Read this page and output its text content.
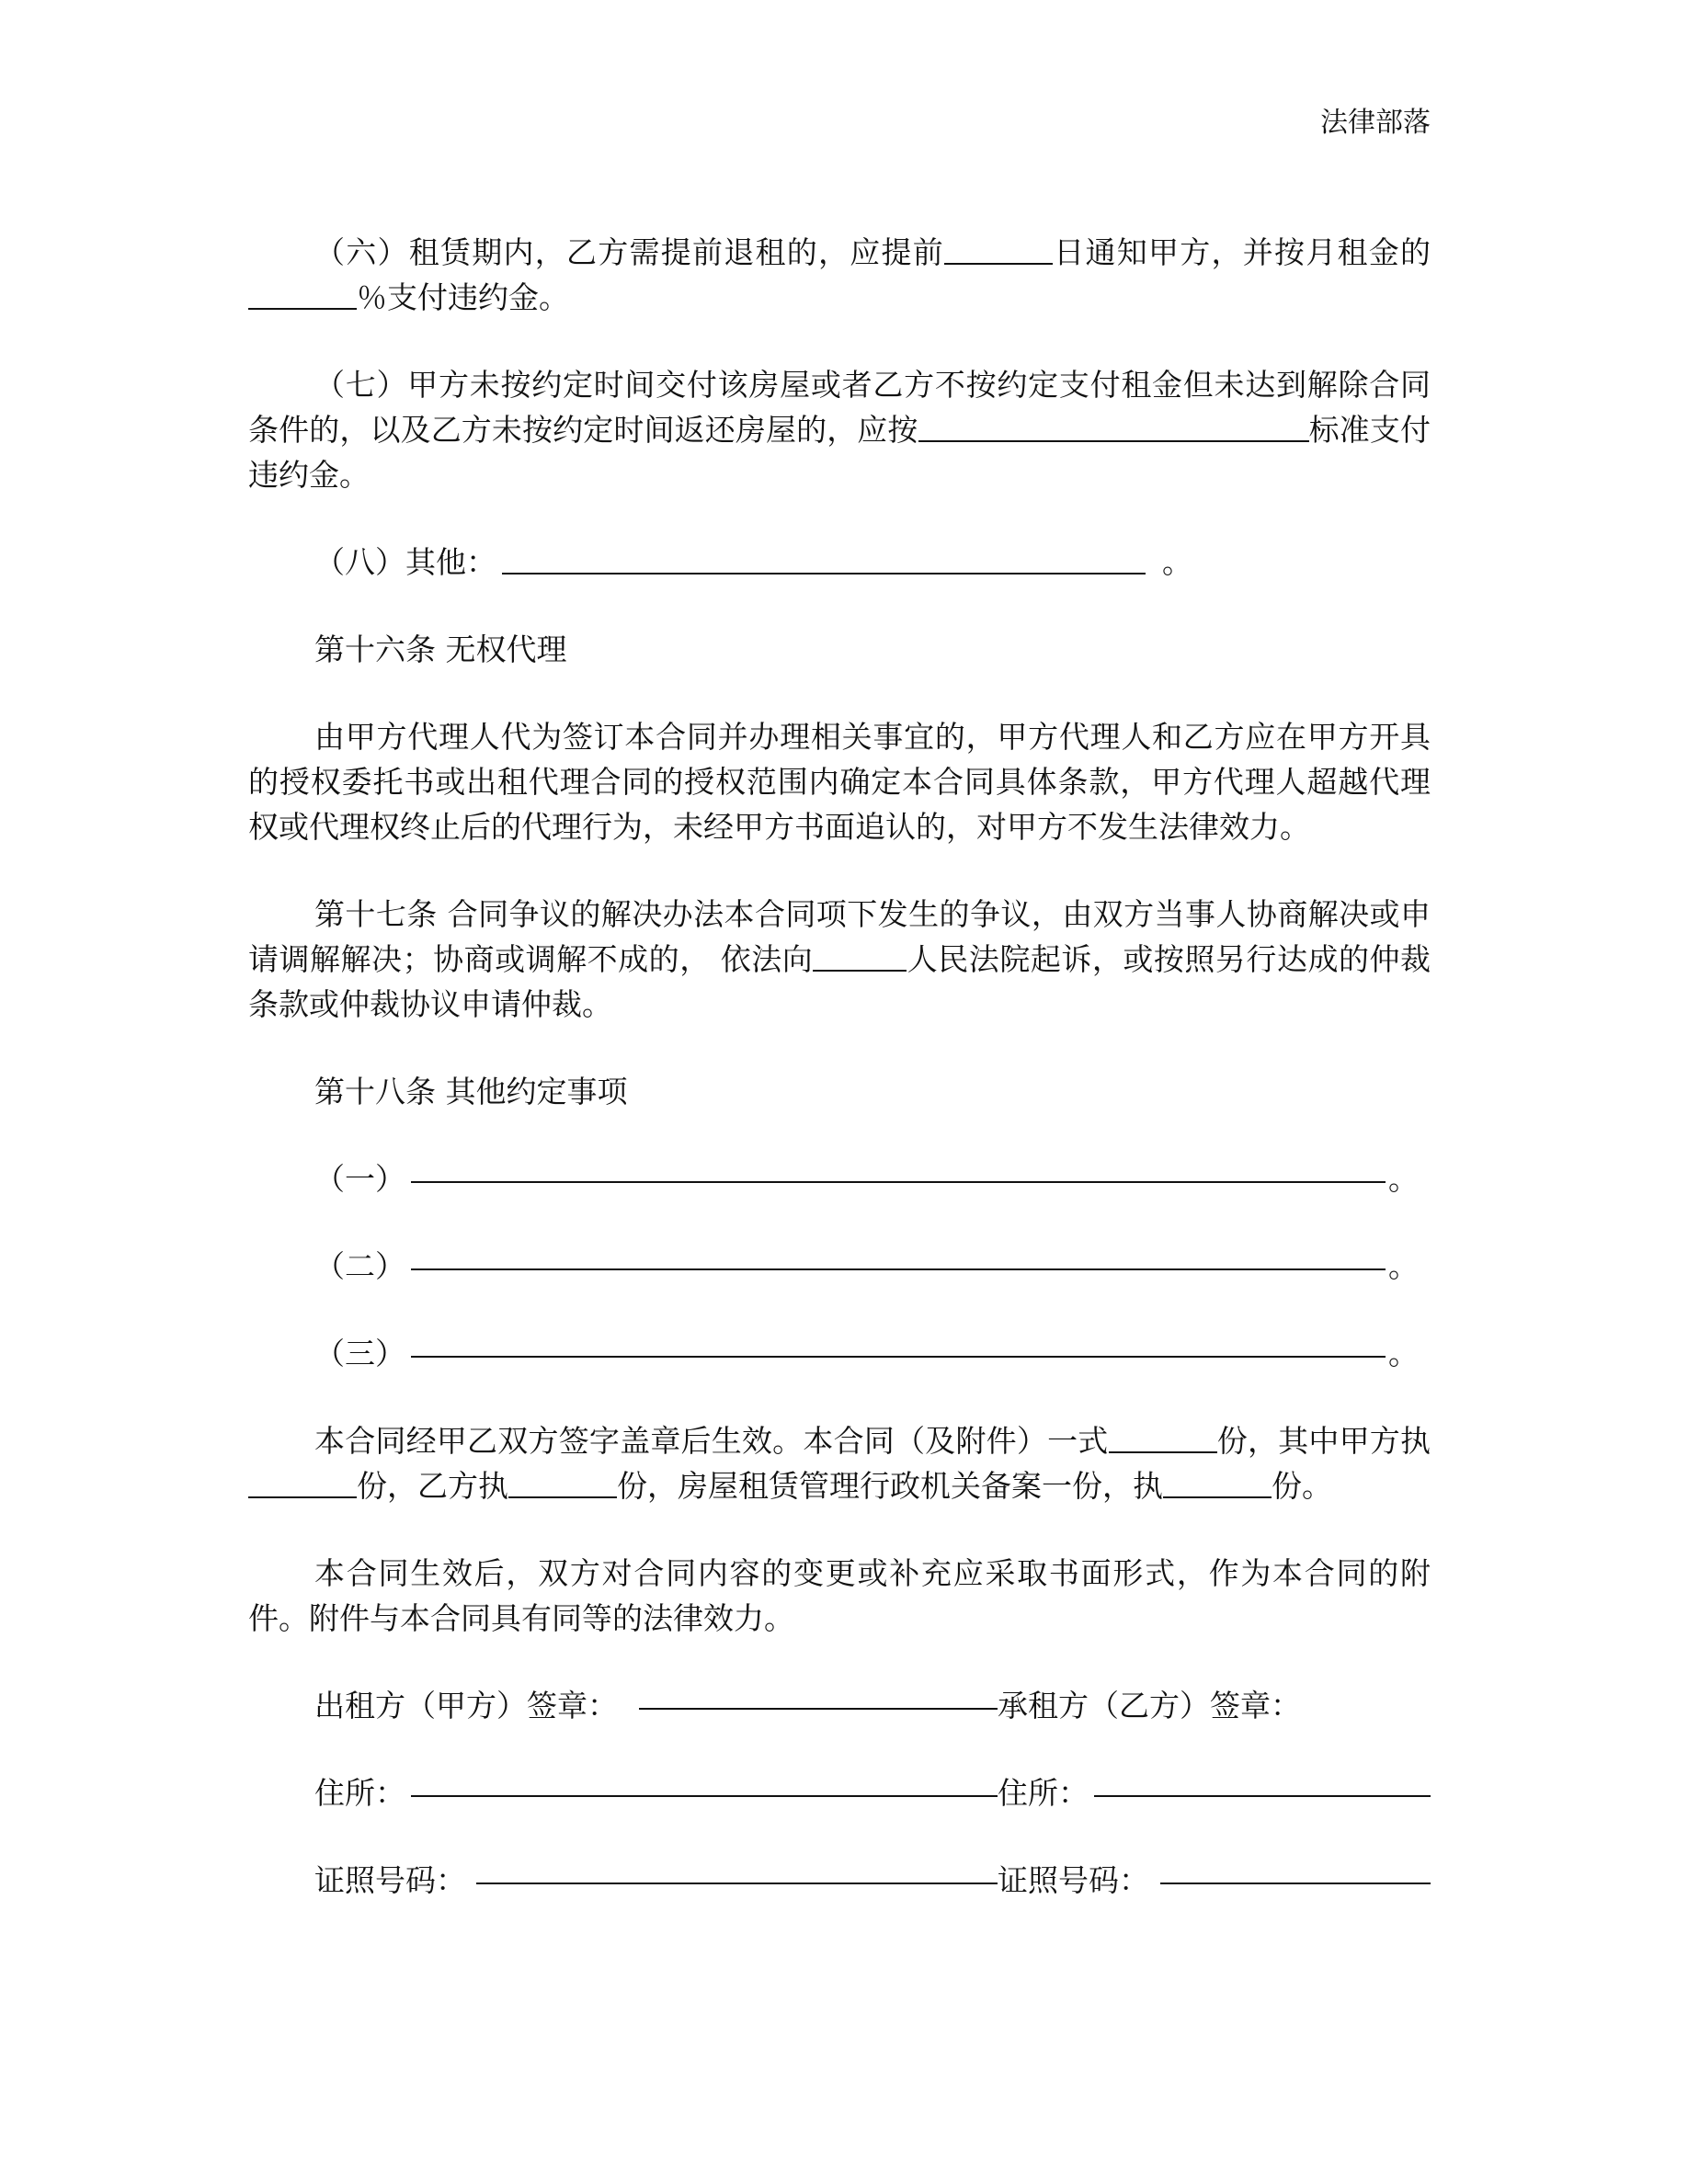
法律部落

（六）租赁期内，乙方需提前退租的，应提前	日通知甲方，并按月租金的％支付违约金。

（七）甲方未按约定时间交付该房屋或者乙方不按约定支付租金但未达到解除合同条件的，以及乙方未按约定时间返还房屋的，应按	标准支付违约金。

（八）其他：	。

第十六条 无权代理

由甲方代理人代为签订本合同并办理相关事宜的，甲方代理人和乙方应在甲方开具的授权委托书或出租代理合同的授权范围内确定本合同具体条款，甲方代理人超越代理权或代理权终止后的代理行为，未经甲方书面追认的，对甲方不发生法律效力。

第十七条 合同争议的解决办法本合同项下发生的争议，由双方当事人协商解决或申请调解解决；协商或调解不成的， 依法向	人民法院起诉，或按照另行达成的仲裁条款或仲裁协议申请仲裁。

第十八条 其他约定事项

（一）	。
（二）	。
（三）	。

本合同经甲乙双方签字盖章后生效。本合同（及附件）一式	份，其中甲方执份，乙方执	份，房屋租赁管理行政机关备案一份，执	份。

本合同生效后，双方对合同内容的变更或补充应采取书面形式，作为本合同的附件。附件与本合同具有同等的法律效力。

出租方（甲方）签章：	承租方（乙方）签章：
住所：	住所：
证照号码：	证照号码：
